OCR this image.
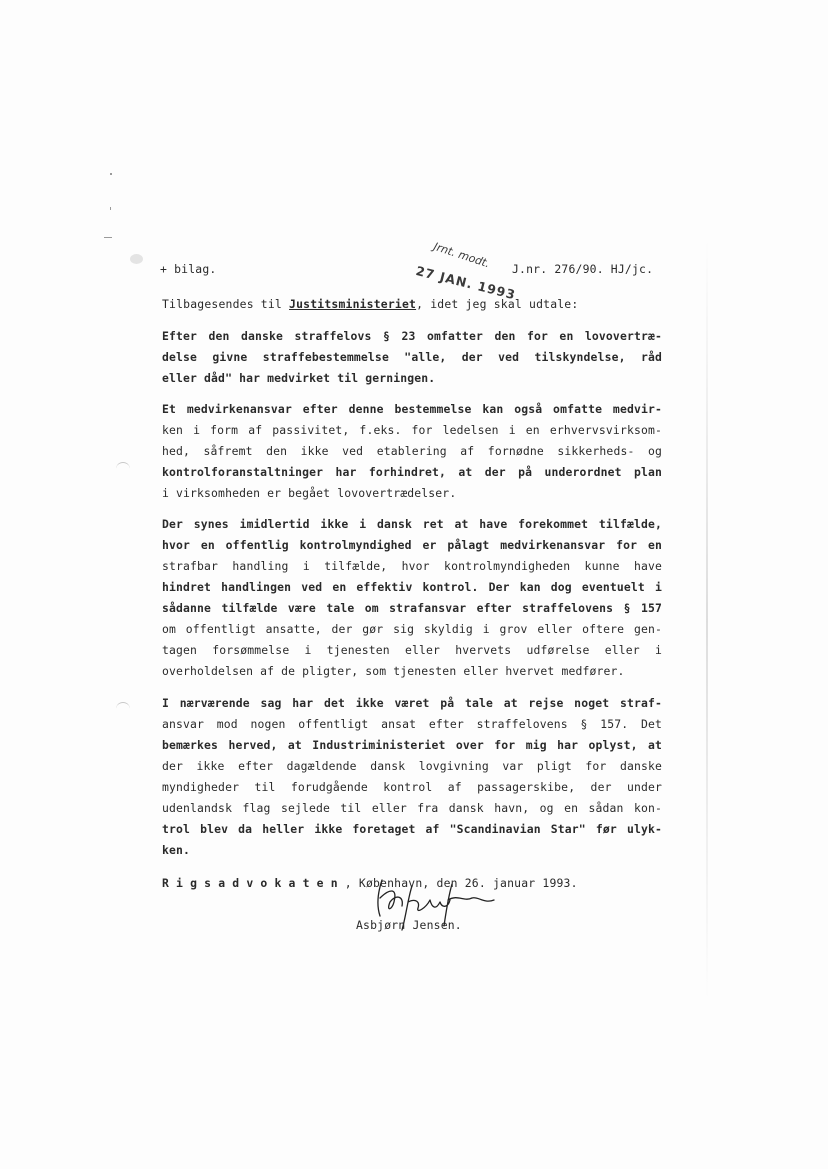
+ bilag.	J.nr. 276/90. HJ/jc.
Jrnt. modt.
27 JAN. 1993
Tilbagesendes til Justitsministeriet, idet jeg skal udtale:
Efter den danske straffelovs § 23 omfatter den for en lovovertræ-
delse givne straffebestemmelse "alle, der ved tilskyndelse, råd
eller dåd" har medvirket til gerningen.
Et medvirkenansvar efter denne bestemmelse kan også omfatte medvir-
ken i form af passivitet, f.eks. for ledelsen i en erhvervsvirksom-
hed, såfremt den ikke ved etablering af fornødne sikkerheds- og
kontrolforanstaltninger har forhindret, at der på underordnet plan
i virksomheden er begået lovovertrædelser.
Der synes imidlertid ikke i dansk ret at have forekommet tilfælde,
hvor en offentlig kontrolmyndighed er pålagt medvirkenansvar for en
strafbar handling i tilfælde, hvor kontrolmyndigheden kunne have
hindret handlingen ved en effektiv kontrol. Der kan dog eventuelt i
sådanne tilfælde være tale om strafansvar efter straffelovens § 157
om offentligt ansatte, der gør sig skyldig i grov eller oftere gen-
tagen forsømmelse i tjenesten eller hvervets udførelse eller i
overholdelsen af de pligter, som tjenesten eller hvervet medfører.
I nærværende sag har det ikke været på tale at rejse noget straf-
ansvar mod nogen offentligt ansat efter straffelovens § 157. Det
bemærkes herved, at Industriministeriet over for mig har oplyst, at
der ikke efter dagældende dansk lovgivning var pligt for danske
myndigheder til forudgående kontrol af passagerskibe, der under
udenlandsk flag sejlede til eller fra dansk havn, og en sådan kon-
trol blev da heller ikke foretaget af "Scandinavian Star" før ulyk-
ken.
Rigsadvokaten, København, den 26. januar 1993.
Asbjørn Jensen.
